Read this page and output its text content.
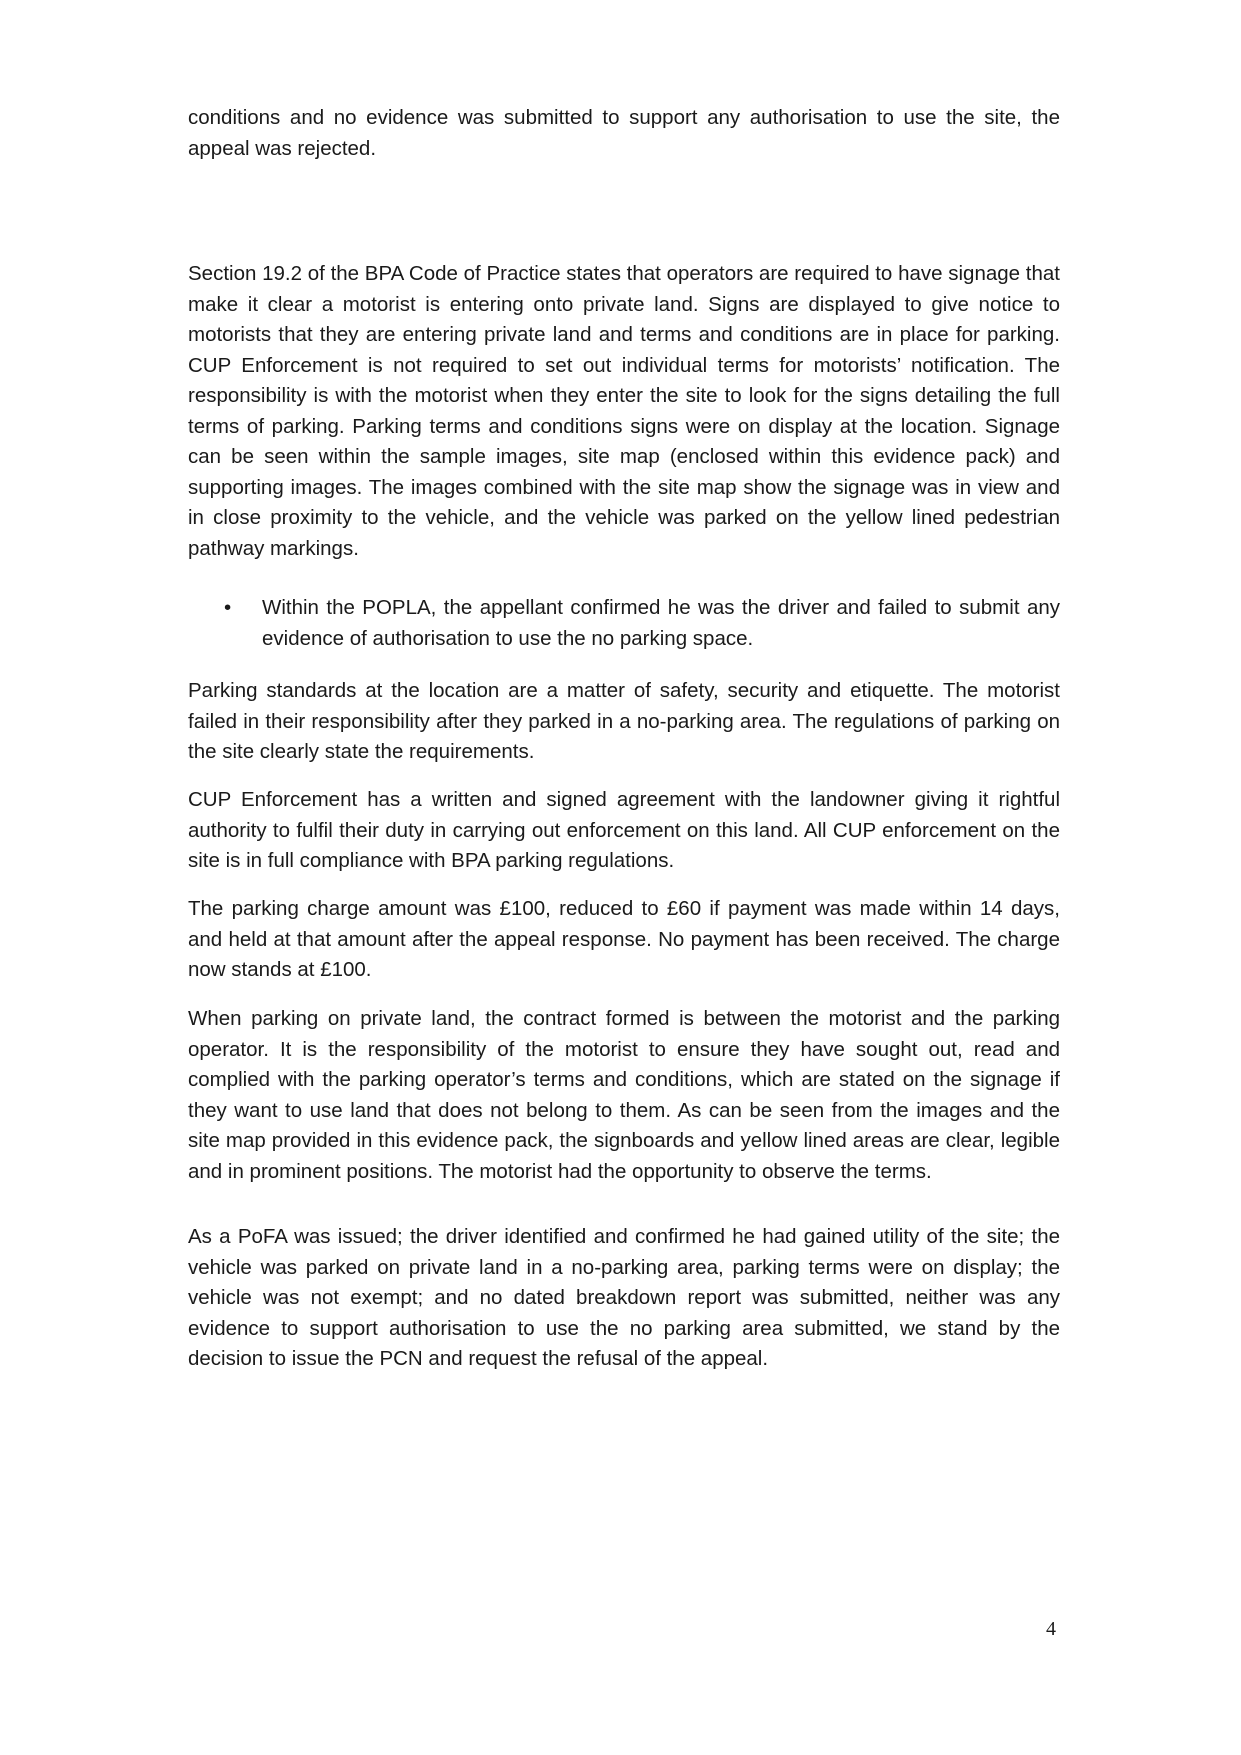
conditions and no evidence was submitted to support any authorisation to use the site, the appeal was rejected.

Section 19.2 of the BPA Code of Practice states that operators are required to have signage that make it clear a motorist is entering onto private land. Signs are displayed to give notice to motorists that they are entering private land and terms and conditions are in place for parking. CUP Enforcement is not required to set out individual terms for motorists’ notification. The responsibility is with the motorist when they enter the site to look for the signs detailing the full terms of parking. Parking terms and conditions signs were on display at the location. Signage can be seen within the sample images, site map (enclosed within this evidence pack) and supporting images. The images combined with the site map show the signage was in view and in close proximity to the vehicle, and the vehicle was parked on the yellow lined pedestrian pathway markings.

• Within the POPLA, the appellant confirmed he was the driver and failed to submit any evidence of authorisation to use the no parking space.

Parking standards at the location are a matter of safety, security and etiquette. The motorist failed in their responsibility after they parked in a no-parking area. The regulations of parking on the site clearly state the requirements.

CUP Enforcement has a written and signed agreement with the landowner giving it rightful authority to fulfil their duty in carrying out enforcement on this land. All CUP enforcement on the site is in full compliance with BPA parking regulations.

The parking charge amount was £100, reduced to £60 if payment was made within 14 days, and held at that amount after the appeal response. No payment has been received. The charge now stands at £100.

When parking on private land, the contract formed is between the motorist and the parking operator. It is the responsibility of the motorist to ensure they have sought out, read and complied with the parking operator’s terms and conditions, which are stated on the signage if they want to use land that does not belong to them. As can be seen from the images and the site map provided in this evidence pack, the signboards and yellow lined areas are clear, legible and in prominent positions. The motorist had the opportunity to observe the terms.

As a PoFA was issued; the driver identified and confirmed he had gained utility of the site; the vehicle was parked on private land in a no-parking area, parking terms were on display; the vehicle was not exempt; and no dated breakdown report was submitted, neither was any evidence to support authorisation to use the no parking area submitted, we stand by the decision to issue the PCN and request the refusal of the appeal.

4
